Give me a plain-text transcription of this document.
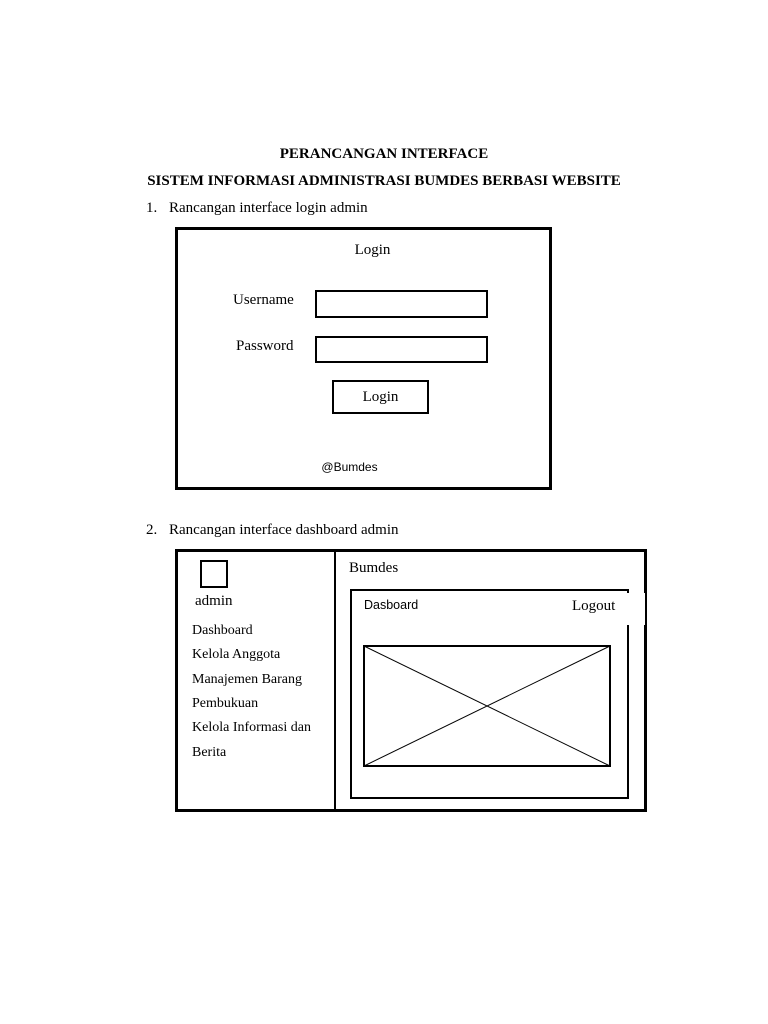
PERANCANGAN INTERFACE
SISTEM INFORMASI ADMINISTRASI BUMDES BERBASI WEBSITE
1. Rancangan interface login admin
Login
Username
Password
Login
@Bumdes
2. Rancangan interface dashboard admin
admin
Dashboard
Kelola Anggota
Manajemen Barang
Pembukuan
Kelola Informasi dan
Berita
Bumdes
Dasboard	Logout
